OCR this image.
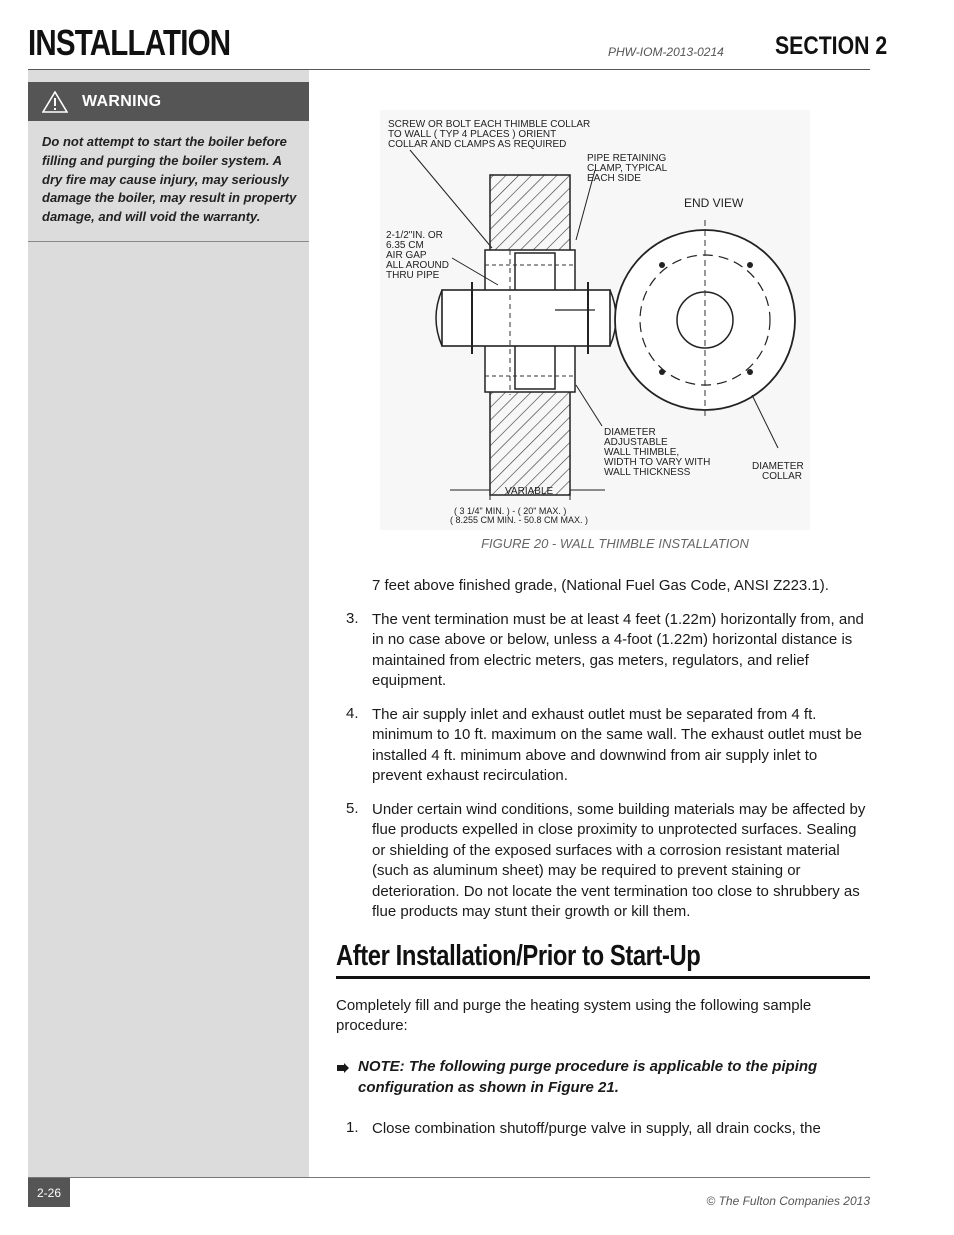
INSTALLATION	PHW-IOM-2013-0214 SECTION 2
WARNING
Do not attempt to start the boiler before filling and purging the boiler system. A dry fire may cause injury, may seriously damage the boiler, may result in property damage, and will void the warranty.
SCREW OR BOLT EACH THIMBLE COLLAR
TO WALL ( TYP 4 PLACES ) ORIENT
COLLAR AND CLAMPS AS REQUIRED
PIPE RETAINING
CLAMP, TYPICAL
EACH SIDE
END VIEW
2-1/2"IN. OR
6.35 CM
AIR GAP
ALL AROUND
THRU PIPE
DIAMETER
ADJUSTABLE
WALL THIMBLE,
WIDTH TO VARY WITH
WALL THICKNESS
DIAMETER
COLLAR
VARIABLE
( 3 1/4" MIN. ) - ( 20" MAX. )
( 8.255 CM MIN. - 50.8 CM MAX. )
FIGURE 20 - WALL THIMBLE INSTALLATION
7 feet above finished grade, (National Fuel Gas Code, ANSI Z223.1).
3. The vent termination must be at least 4 feet (1.22m) horizontally from, and in no case above or below, unless a 4-foot (1.22m) horizontal distance is maintained from electric meters, gas meters, regulators, and relief equipment.
4. The air supply inlet and exhaust outlet must be separated from 4 ft. minimum to 10 ft. maximum on the same wall. The exhaust outlet must be installed 4 ft. minimum above and downwind from air supply inlet to prevent exhaust recirculation.
5. Under certain wind conditions, some building materials may be affected by flue products expelled in close proximity to unprotected surfaces. Sealing or shielding of the exposed surfaces with a corrosion resistant material (such as aluminum sheet) may be required to prevent staining or deterioration. Do not locate the vent termination too close to shrubbery as flue products may stunt their growth or kill them.
After Installation/Prior to Start-Up
Completely fill and purge the heating system using the following sample procedure:
NOTE: The following purge procedure is applicable to the piping configuration as shown in Figure 21.
1. Close combination shutoff/purge valve in supply, all drain cocks, the
2-26
© The Fulton Companies 2013
